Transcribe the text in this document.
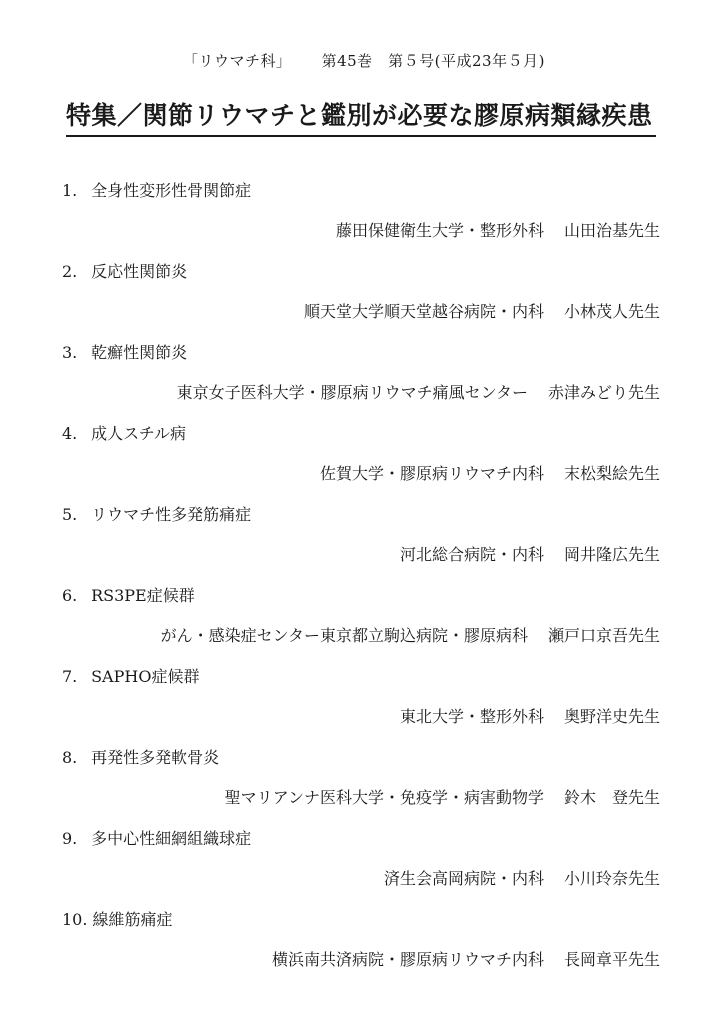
「リウマチ科」 第45巻　第５号(平成23年５月)
特集／関節リウマチと鑑別が必要な膠原病類縁疾患
1. 全身性変形性骨関節症
藤田保健衛生大学・整形外科 山田治基先生
2. 反応性関節炎
順天堂大学順天堂越谷病院・内科 小林茂人先生
3. 乾癬性関節炎
東京女子医科大学・膠原病リウマチ痛風センター 赤津みどり先生
4. 成人スチル病
佐賀大学・膠原病リウマチ内科 末松梨絵先生
5. リウマチ性多発筋痛症
河北総合病院・内科 岡井隆広先生
6. RS3PE症候群
がん・感染症センター東京都立駒込病院・膠原病科 瀬戸口京吾先生
7. SAPHO症候群
東北大学・整形外科 奥野洋史先生
8. 再発性多発軟骨炎
聖マリアンナ医科大学・免疫学・病害動物学 鈴木　登先生
9. 多中心性細網組織球症
済生会高岡病院・内科 小川玲奈先生
10. 線維筋痛症
横浜南共済病院・膠原病リウマチ内科 長岡章平先生
